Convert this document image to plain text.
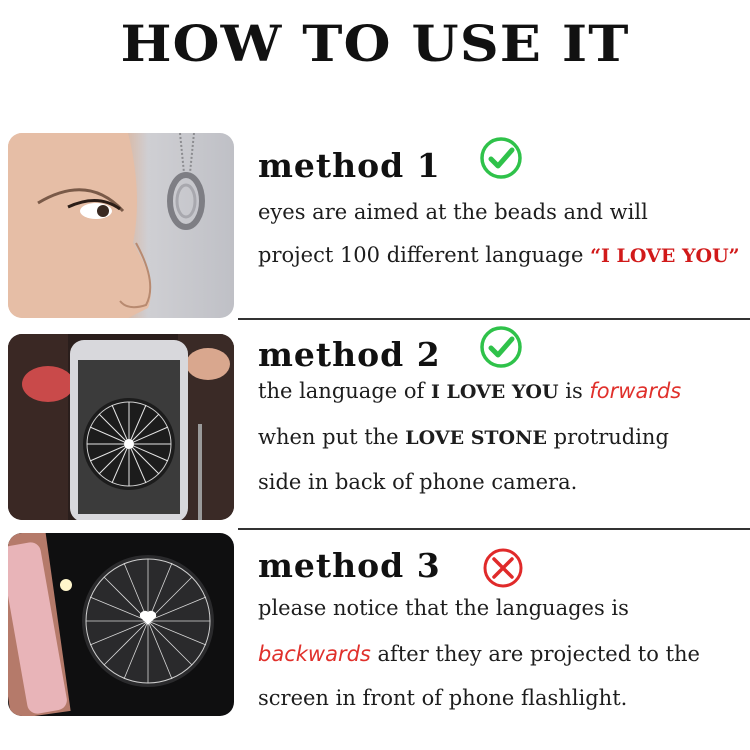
HOW TO USE IT
method 1
eyes are aimed at the beads and will
project 100 different language “I LOVE YOU”
method 2
the language of I LOVE YOU is forwards
when put the LOVE STONE protruding
side in back of phone camera.
method 3
please notice that the languages is
backwards after they are projected to the
screen in front of phone flashlight.
